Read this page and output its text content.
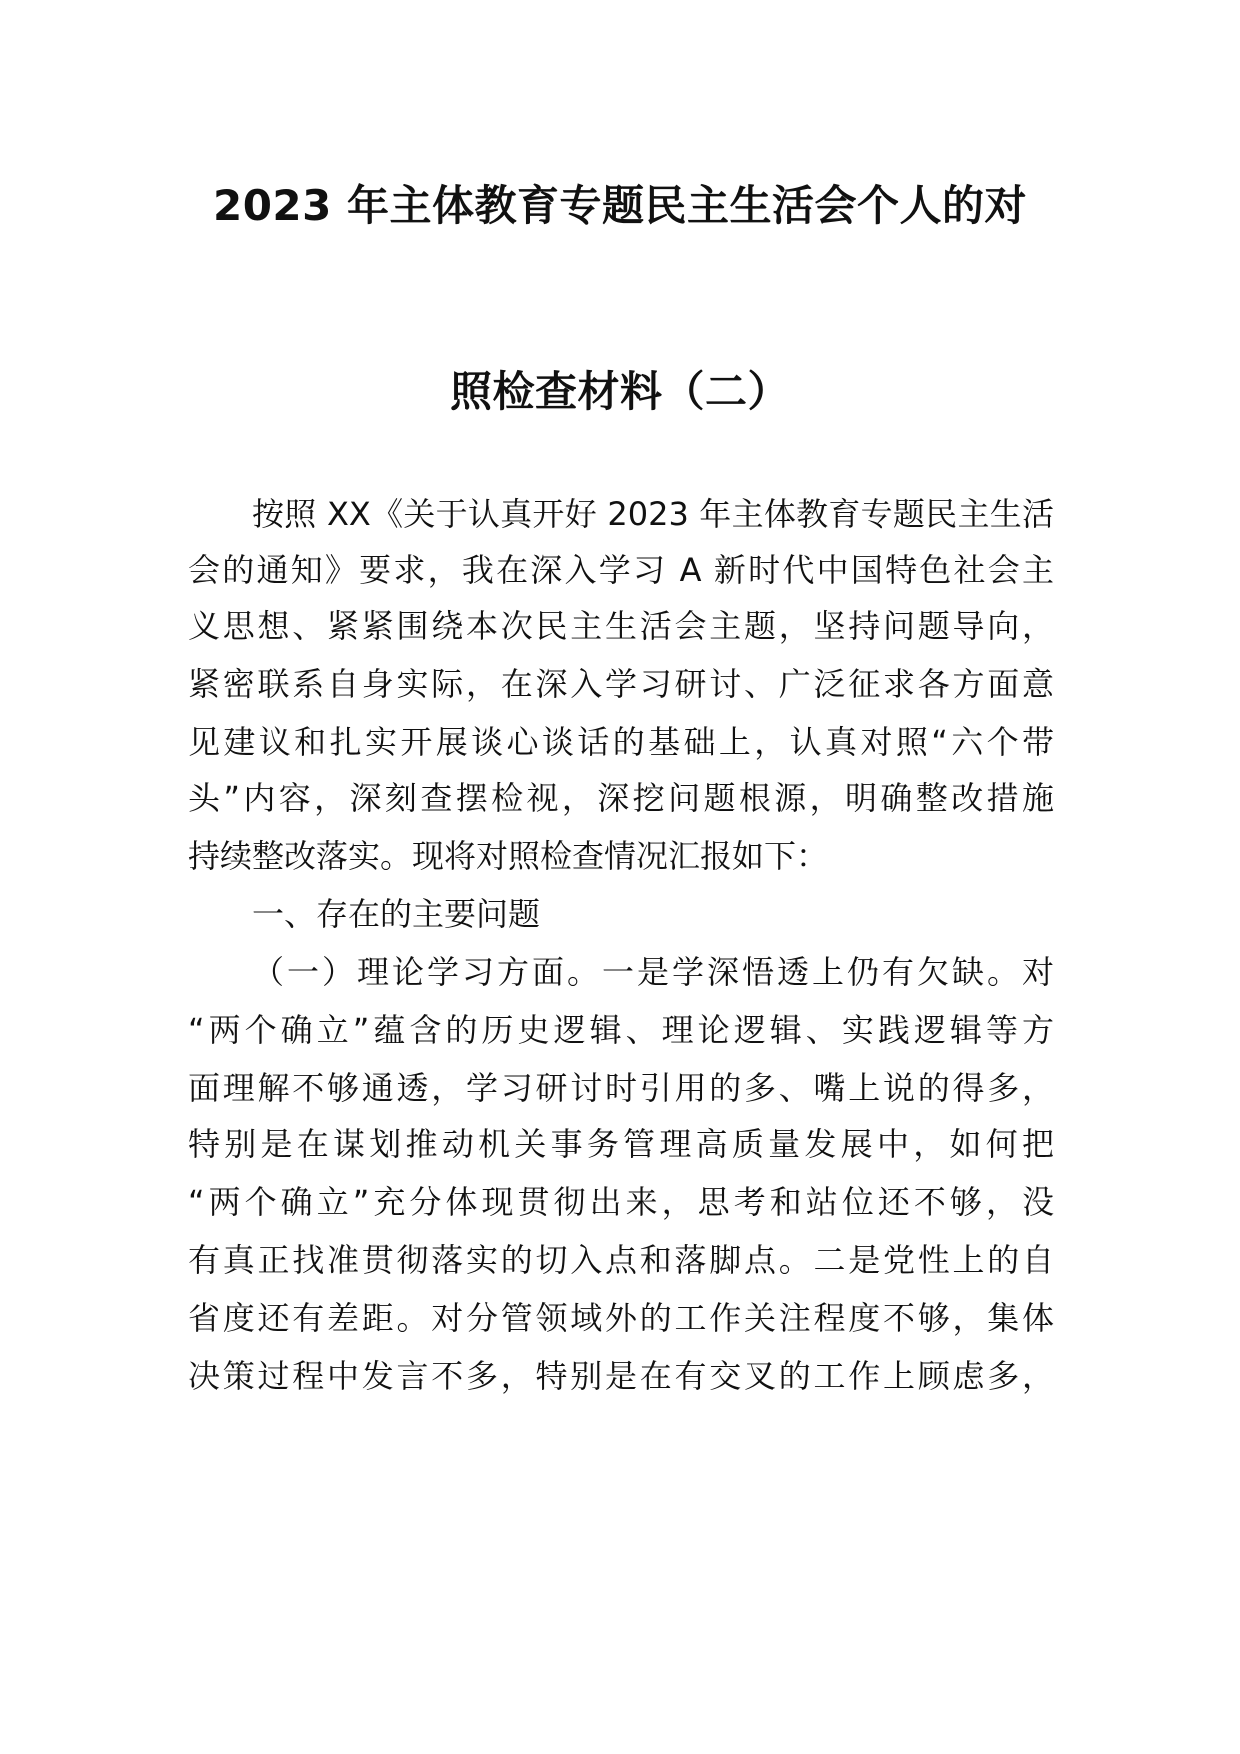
2023 年主体教育专题民主生活会个人的对
照检查材料（二）
按照 XX《关于认真开好 2023 年主体教育专题民主生活
会的通知》要求，我在深入学习 A 新时代中国特色社会主
义思想、紧紧围绕本次民主生活会主题，坚持问题导向，
紧密联系自身实际，在深入学习研讨、广泛征求各方面意
见建议和扎实开展谈心谈话的基础上，认真对照“六个带
头”内容，深刻查摆检视，深挖问题根源，明确整改措施
持续整改落实。现将对照检查情况汇报如下：
一、存在的主要问题
（一）理论学习方面。一是学深悟透上仍有欠缺。对
“两个确立”蕴含的历史逻辑、理论逻辑、实践逻辑等方
面理解不够通透，学习研讨时引用的多、嘴上说的得多，
特别是在谋划推动机关事务管理高质量发展中，如何把
“两个确立”充分体现贯彻出来，思考和站位还不够，没
有真正找准贯彻落实的切入点和落脚点。二是党性上的自
省度还有差距。对分管领域外的工作关注程度不够，集体
决策过程中发言不多，特别是在有交叉的工作上顾虑多，
